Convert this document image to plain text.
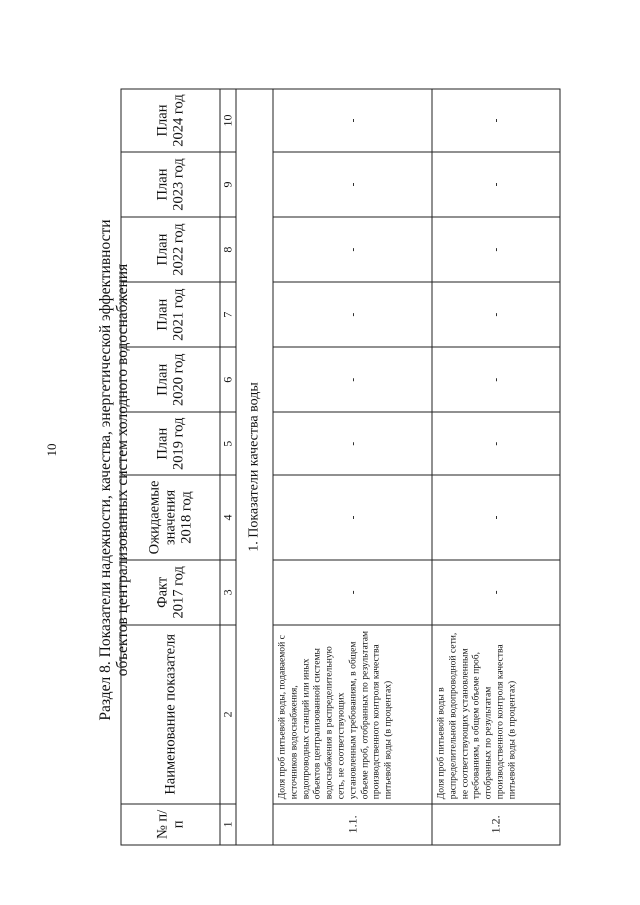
10 Раздел 8. Показатели надежности, качества, энергетической эффективности объектов централизованных систем холодного водоснабжения
№ п/п	Наименование показателя	Факт 2017 год	Ожидаемые значения 2018 год	План 2019 год	План 2020 год	План 2021 год	План 2022 год	План 2023 год	План 2024 год
1	2	3	4	5	6	7	8	9	10
1. Показатели качества воды									
1.1.	Доля проб питьевой воды, подаваемой с источников водоснабжения, водопроводных станций или иных объектов централизованной системы водоснабжения в распределительную сеть, не соответствующих установленным требованиям, в общем объеме проб, отобранных по результатам производственного контроля качества питьевой воды (в процентах)	-	-	-	-	-	-	-	-
1.2.	Доля проб питьевой воды в распределительной водопроводной сети, не соответствующих установленным требованиям, в общем объеме проб, отобранных по результатам производственного контроля качества питьевой воды (в процентах)	-	-	-	-	-	-	-	-
